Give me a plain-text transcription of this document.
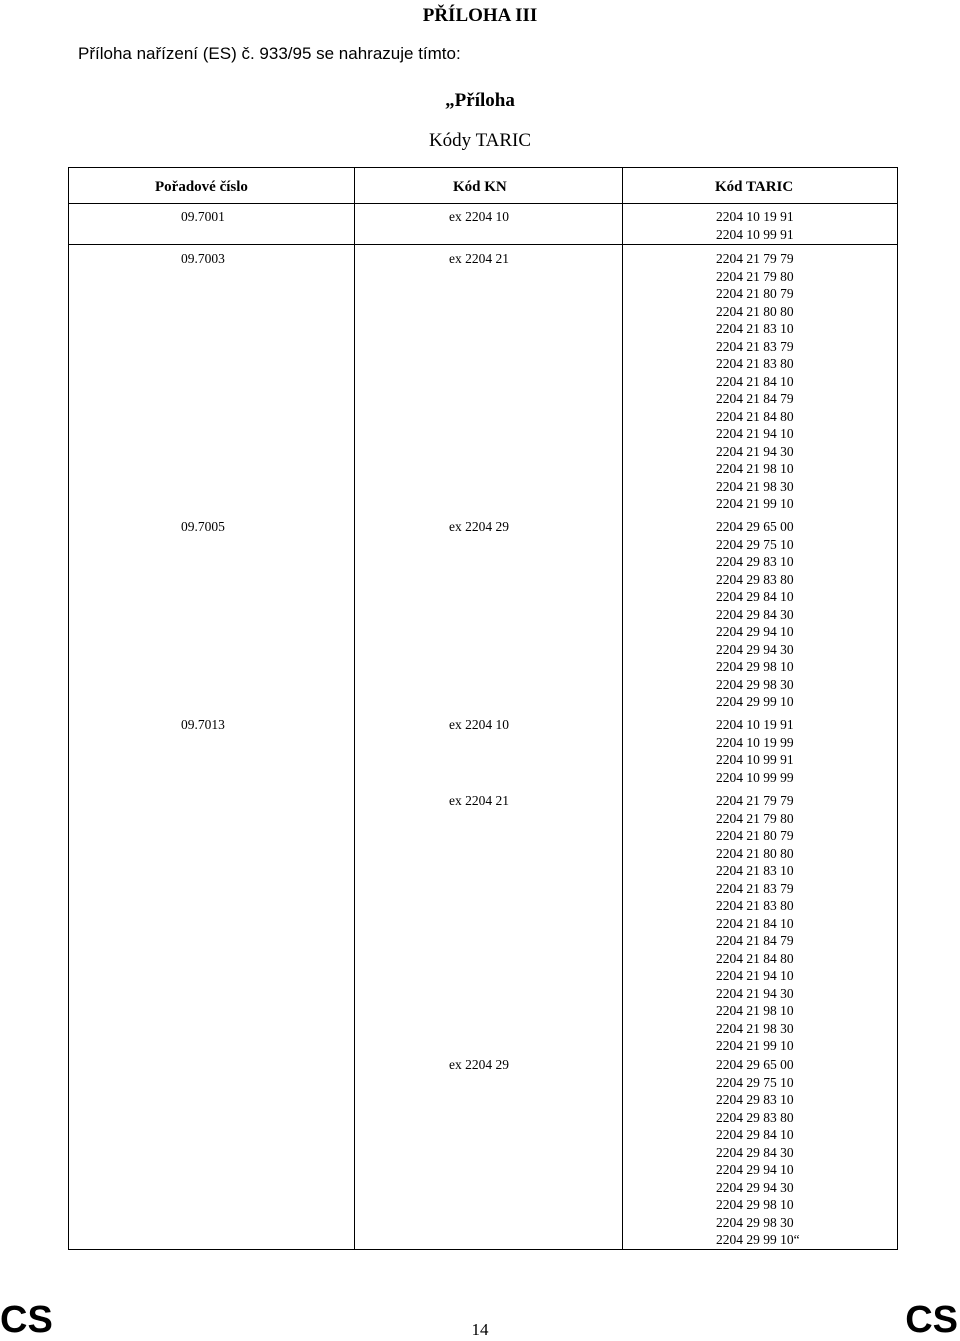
PŘÍLOHA III
Příloha nařízení (ES) č. 933/95 se nahrazuje tímto:
„Příloha
Kódy TARIC
Pořadové číslo	Kód KN	Kód TARIC
09.7001	ex 2204 10	2204 10 19 91
2204 10 99 91
09.7003	ex 2204 21	2204 21 79 79
2204 21 79 80
2204 21 80 79
2204 21 80 80
2204 21 83 10
2204 21 83 79
2204 21 83 80
2204 21 84 10
2204 21 84 79
2204 21 84 80
2204 21 94 10
2204 21 94 30
2204 21 98 10
2204 21 98 30
2204 21 99 10
09.7005	ex 2204 29	2204 29 65 00
2204 29 75 10
2204 29 83 10
2204 29 83 80
2204 29 84 10
2204 29 84 30
2204 29 94 10
2204 29 94 30
2204 29 98 10
2204 29 98 30
2204 29 99 10
09.7013	ex 2204 10	2204 10 19 91
2204 10 19 99
2204 10 99 91
2204 10 99 99
ex 2204 21	2204 21 79 79
2204 21 79 80
2204 21 80 79
2204 21 80 80
2204 21 83 10
2204 21 83 79
2204 21 83 80
2204 21 84 10
2204 21 84 79
2204 21 84 80
2204 21 94 10
2204 21 94 30
2204 21 98 10
2204 21 98 30
2204 21 99 10
ex 2204 29	2204 29 65 00
2204 29 75 10
2204 29 83 10
2204 29 83 80
2204 29 84 10
2204 29 84 30
2204 29 94 10
2204 29 94 30
2204 29 98 10
2204 29 98 30
2204 29 99 10“
CS	14	CS
